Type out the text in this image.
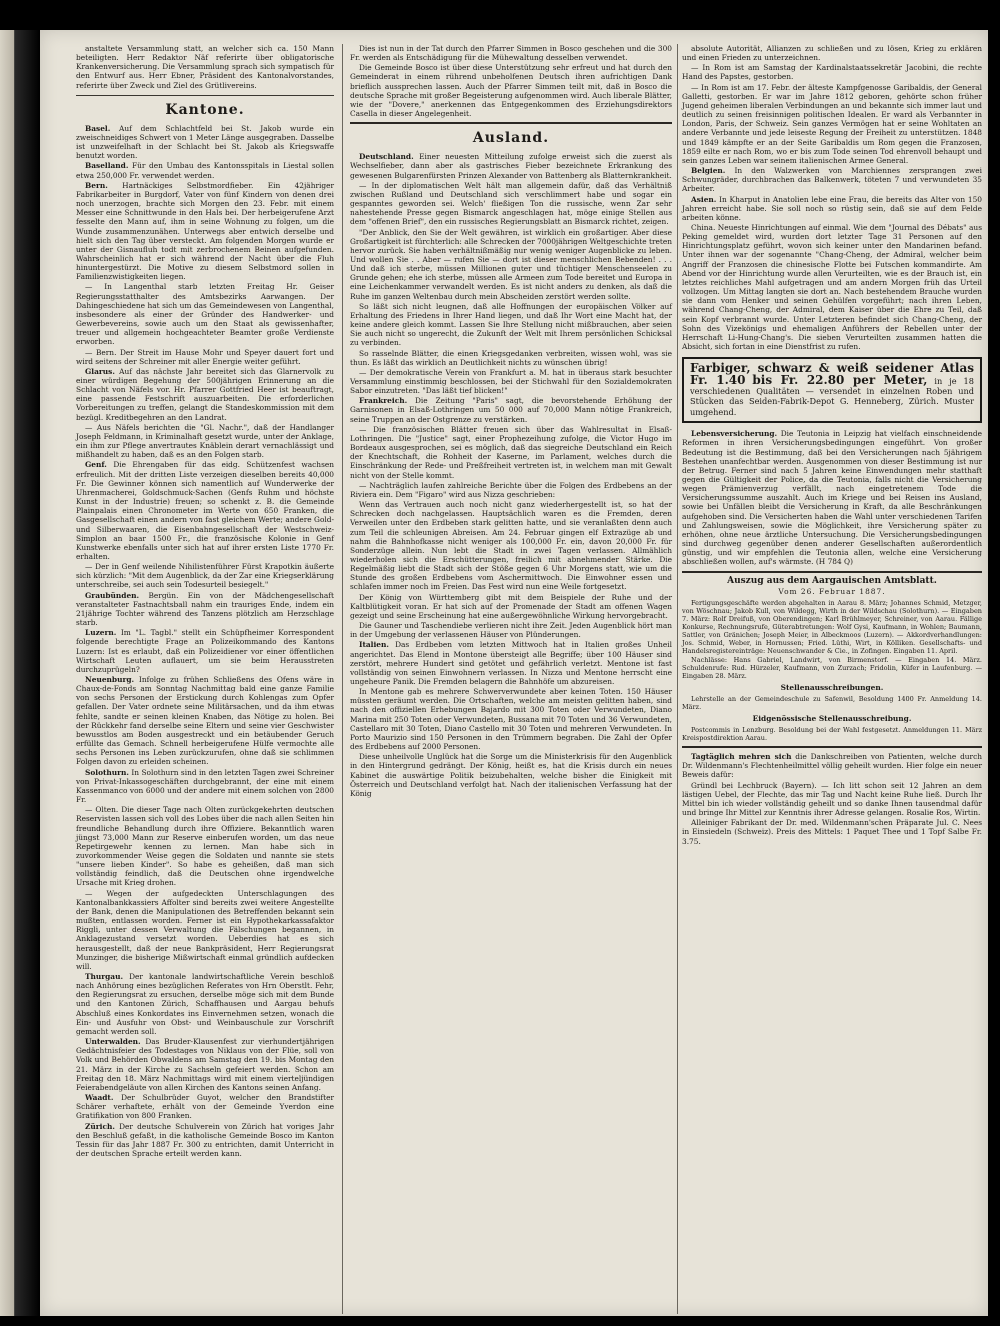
anstaltete Versammlung statt, an welcher sich ca. 150 Mann beteiligten. Herr Redaktor Näf referirte über obligatorische Krankenversicherung. Die Versammlung sprach sich sympatisch für den Entwurf aus. Herr Ebner, Präsident des Kantonalvorstandes, referirte über Zweck und Ziel des Grütlivereins.

Kantone.

Basel. Auf dem Schlachtfeld bei St. Jakob wurde ein zweischneidiges Schwert von 1 Meter Länge ausgegraben. Dasselbe ist unzweifelhaft in der Schlacht bei St. Jakob als Kriegswaffe benutzt worden.

Baselland. Für den Umbau des Kantonsspitals in Liestal sollen etwa 250,000 Fr. verwendet werden.

Bern. Hartnäckiges Selbstmordfieber. Ein 42jähriger Fabrikarbeiter in Burgdorf, Vater von fünf Kindern von denen drei noch unerzogen, brachte sich Morgen den 23. Febr. mit einem Messer eine Schnittwunde in den Hals bei. Der herbeigerufene Arzt fesselte den Mann auf, ihm in seine Wohnung zu folgen, um die Wunde zusammenzunähen. Unterwegs aber entwich derselbe und hielt sich den Tag über versteckt. Am folgenden Morgen wurde er unter der Gisnaufluh todt mit zerbrochenem Beinen aufgefunden. Wahrscheinlich hat er sich während der Nacht über die Fluh hinuntergestürzt. Die Motive zu diesem Selbstmord sollen in Familienzwistigkeiten liegen.

— In Langenthal starb letzten Freitag Hr. Geiser Regierungsstatthalter des Amtsbezirks Aarwangen. Der Dahingeschiedene hat sich um das Gemeindewesen von Langenthal, insbesondere als einer der Gründer des Handwerker- und Gewerbevereins, sowie auch um den Staat als gewissenhafter, treuer und allgemein hochgeachteter Beamter große Verdienste erworben.

— Bern. Der Streit im Hause Mohr und Speyer dauert fort und wird seitens der Schreiner mit aller Energie weiter geführt.

Glarus. Auf das nächste Jahr bereitet sich das Glarnervolk zu einer würdigen Begehung der 500jährigen Erinnerung an die Schlacht von Näfels vor. Hr. Pfarrer Gottfried Heer ist beauftragt, eine passende Festschrift auszuarbeiten. Die erforderlichen Vorbereitungen zu treffen, gelangt die Standeskommission mit dem bezügl. Kreditbegehren an den Landrat.

— Aus Näfels berichten die "Gl. Nachr.", daß der Handlanger Joseph Feldmann, in Kriminalhaft gesetzt wurde, unter der Anklage, ein ihm zur Pflege anvertrautes Knäblein derart vernachlässigt und mißhandelt zu haben, daß es an den Folgen starb.

Genf. Die Ehrengaben für das eidg. Schützenfest wachsen erfreulich. Mit der dritten Liste verzeigen dieselben bereits 40,000 Fr. Die Gewinner können sich namentlich auf Wunderwerke der Uhrenmacherei, Goldschmuck-Sachen (Genfs Ruhm und höchste Kunst in der Industrie) freuen; so schenkt z. B. die Gemeinde Plainpalais einen Chronometer im Werte von 650 Franken, die Gasgesellschaft einen andern von fast gleichem Werte; andere Gold- und Silberwaaren, die Eisenbahngesellschaft der Westschweiz-Simplon an baar 1500 Fr., die französische Kolonie in Genf Kunstwerke ebenfalls unter sich hat auf ihrer ersten Liste 1770 Fr. erhalten.

— Der in Genf weilende Nihilistenführer Fürst Krapotkin äußerte sich kürzlich: "Mit dem Augenblick, da der Zar eine Kriegserklärung unterschreibe, sei auch sein Todesurteil besiegelt."

Graubünden. Bergün. Ein von der Mädchengesellschaft veranstalteter Fastnachtsball nahm ein trauriges Ende, indem ein 21jährige Tochter während des Tanzens plötzlich am Herzschlage starb.

Luzern. Im "L. Tagbl." stellt ein Schüpfheimer Korrespondent folgende berechtigte Frage an Polizeikommando des Kantons Luzern: Ist es erlaubt, daß ein Polizeidiener vor einer öffentlichen Wirtschaft Leuten auflauert, um sie beim Herausstreten durchzuprügeln?

Neuenburg. Infolge zu frühen Schließens des Ofens wäre in Chaux-de-Fonds am Sonntag Nachmittag bald eine ganze Familie von sechs Personen der Erstickung durch Kohlengas zum Opfer gefallen. Der Vater ordnete seine Militärsachen, und da ihm etwas fehlte, sandte er seinen kleinen Knaben, das Nötige zu holen. Bei der Rückkehr fand derselbe seine Eltern und seine vier Geschwister bewusstlos am Boden ausgestreckt und ein betäubender Geruch erfüllte das Gemach. Schnell herbeigerufene Hülfe vermochte alle sechs Personen ins Leben zurückzurufen, ohne daß sie schlimmen Folgen davon zu erleiden scheinen.

Solothurn. In Solothurn sind in den letzten Tagen zwei Schreiner von Privat-Inkassogeschäften durchgebrannt, der eine mit einem Kassenmanco von 6000 und der andere mit einem solchen von 2800 Fr.

— Olten. Die dieser Tage nach Olten zurückgekehrten deutschen Reservisten lassen sich voll des Lobes über die nach allen Seiten hin freundliche Behandlung durch ihre Offiziere. Bekanntlich waren jüngst 73,000 Mann zur Reserve einberufen worden, um das neue Repetirgewehr kennen zu lernen. Man habe sich in zuvorkommender Weise gegen die Soldaten und nannte sie stets "unsere lieben Kinder". So habe es geheißen, daß man sich vollständig feindlich, daß die Deutschen ohne irgendwelche Ursache mit Krieg drohen.

— Wegen der aufgedeckten Unterschlagungen des Kantonalbankkassiers Affolter sind bereits zwei weitere Angestellte der Bank, denen die Manipulationen des Betreffenden bekannt sein mußten, entlassen worden. Ferner ist ein Hypothekarkassafaktor Riggli, unter dessen Verwaltung die Fälschungen begannen, in Anklagezustand versetzt worden. Ueberdies hat es sich herausgestellt, daß der neue Bankpräsident, Herr Regierungsrat Munzinger, die bisherige Mißwirtschaft einmal gründlich aufdecken will.

Thurgau. Der kantonale landwirtschaftliche Verein beschloß nach Anhörung eines bezüglichen Referates von Hrn Oberstlt. Fehr, den Regierungsrat zu ersuchen, derselbe möge sich mit dem Bunde und den Kantonen Zürich, Schaffhausen und Aargau behufs Abschluß eines Konkordates ins Einvernehmen setzen, wonach die Ein- und Ausfuhr von Obst- und Weinbauschule zur Vorschrift gemacht werden soll.

Unterwalden. Das Bruder-Klausenfest zur vierhundertjährigen Gedächtnisfeier des Todestages von Niklaus von der Flüe, soll von Volk und Behörden Obwaldens am Samstag den 19. bis Montag den 21. März in der Kirche zu Sachseln gefeiert werden. Schon am Freitag den 18. März Nachmittags wird mit einem vierteljündigen Feierabendgeläute von allen Kirchen des Kantons seinen Anfang.

Waadt. Der Schulbrüder Guyot, welcher den Brandstifter Schärer verhaftete, erhält von der Gemeinde Yverdon eine Gratifikation von 800 Franken.

Zürich. Der deutsche Schulverein von Zürich hat voriges Jahr den Beschluß gefaßt, in die katholische Gemeinde Bosco im Kanton Tessin für das Jahr 1887 Fr. 300 zu entrichten, damit Unterricht in der deutschen Sprache erteilt werden kann.

Dies ist nun in der Tat durch den Pfarrer Simmen in Bosco geschehen und die 300 Fr. werden als Entschädigung für die Mühewaltung desselben verwendet.

Die Gemeinde Bosco ist über diese Unterstützung sehr erfreut und hat durch den Gemeinderat in einem rührend unbeholfenen Deutsch ihren aufrichtigen Dank brieflich aussprechen lassen. Auch der Pfarrer Simmen teilt mit, daß in Bosco die deutsche Sprache mit großer Begeisterung aufgenommen wird. Auch liberale Blätter, wie der "Dovere," anerkennen das Entgegenkommen des Erziehungsdirektors Casella in dieser Angelegenheit.

Ausland.

Deutschland. Einer neuesten Mitteilung zufolge erweist sich die zuerst als Wechselfieber, dann aber als gastrisches Fieber bezeichnete Erkrankung des gewesenen Bulgarenfürsten Prinzen Alexander von Battenberg als Blatternkrankheit.

— In der diplomatischen Welt hält man allgemein dafür, daß das Verhältniß zwischen Rußland und Deutschland sich verschlimmert habe und sogar ein gespanntes geworden sei. Welch' fließigen Ton die russische, wenn Zar sehr nahestehende Presse gegen Bismarck angeschlagen hat, möge einige Stellen aus dem "offenen Brief", den ein russisches Regierungsblatt an Bismarck richtet, zeigen.

"Der Anblick, den Sie der Welt gewähren, ist wirklich ein großartiger. Aber diese Großartigkeit ist fürchterlich: alle Schrecken der 7000jährigen Weltgeschichte treten hervor zurück. Sie haben verhältnißmäßig nur wenig weniger Augenblicke zu leben. Und wollen Sie . . Aber — rufen Sie — dort ist dieser menschlichen Bebenden! . . . Und daß ich sterbe, müssen Millionen guter und tüchtiger Menschenseelen zu Grunde gehen; ehe ich sterbe, müssen alle Armeen zum Tode bereitet und Europa in eine Leichenkammer verwandelt werden. Es ist nicht anders zu denken, als daß die Ruhe im ganzen Weltenbau durch mein Abscheiden zerstört werden sollte.

So läßt sich nicht leugnen, daß alle Hoffnungen der europäischen Völker auf Erhaltung des Friedens in Ihrer Hand liegen, und daß Ihr Wort eine Macht hat, der keine andere gleich kommt. Lassen Sie Ihre Stellung nicht mißbrauchen, aber seien Sie auch nicht so ungerecht, die Zukunft der Welt mit Ihrem persönlichen Schicksal zu verbinden.

So rasselnde Blätter, die einen Kriegsgedanken verbreiten, wissen wohl, was sie thun. Es läßt das wirklich an Deutlichkeit nichts zu wünschen übrig!

— Der demokratische Verein von Frankfurt a. M. hat in überaus stark besuchter Versammlung einstimmig beschlossen, bei der Stichwahl für den Sozialdemokraten Sabor einzutreten. "Das läßt tief blicken!"

Frankreich. Die Zeitung "Paris" sagt, die bevorstehende Erhöhung der Garnisonen in Elsaß-Lothringen um 50 000 auf 70,000 Mann nötige Frankreich, seine Truppen an der Ostgrenze zu verstärken.

— Die französischen Blätter freuen sich über das Wahlresultat in Elsaß-Lothringen. Die "Justice" sagt, einer Prophezeihung zufolge, die Victor Hugo im Bordeaux ausgesprochen, sei es möglich, daß das siegreiche Deutschland ein Reich der Knechtschaft, die Rohheit der Kaserne, im Parlament, welches durch die Einschränkung der Rede- und Preßfreiheit vertreten ist, in welchem man mit Gewalt nicht von der Stelle kommt.

— Nachträglich laufen zahlreiche Berichte über die Folgen des Erdbebens an der Riviera ein. Dem "Figaro" wird aus Nizza geschrieben:

Wenn das Vertrauen auch noch nicht ganz wiederhergestellt ist, so hat der Schrecken doch nachgelassen. Hauptsächlich waren es die Fremden, deren Verweilen unter den Erdbeben stark gelitten hatte, und sie veranlaßten denn auch zum Teil die schleunigen Abreisen. Am 24. Februar gingen elf Extrazüge ab und nahm die Bahnhofkasse nicht weniger als 100,000 Fr. ein, davon 20,000 Fr. für Sonderzüge allein. Nun lebt die Stadt in zwei Tagen verlassen. Allmählich wiederholen sich die Erschütterungen, freilich mit abnehmender Stärke. Die Regelmäßig liebt die Stadt sich der Stöße gegen 6 Uhr Morgens statt, wie um die Stunde des großen Erdbebens vom Aschermittwoch. Die Einwohner essen und schlafen immer noch im Freien. Das Fest wird nun eine Weile fortgesetzt.

Der König von Württemberg gibt mit dem Beispiele der Ruhe und der Kaltblütigkeit voran. Er hat sich auf der Promenade der Stadt am offenen Wagen gezeigt und seine Erscheinung hat eine außergewöhnliche Wirkung hervorgebracht.

Die Gauner und Taschendiebe verlieren nicht ihre Zeit. Jeden Augenblick hört man in der Umgebung der verlassenen Häuser von Plünderungen.

Italien. Das Erdbeben vom letzten Mittwoch hat in Italien großes Unheil angerichtet. Das Elend in Montone übersteigt alle Begriffe; über 100 Häuser sind zerstört, mehrere Hundert sind getötet und gefährlich verletzt. Mentone ist fast vollständig von seinen Einwohnern verlassen. In Nizza und Mentone herrscht eine ungeheure Panik. Die Fremden belagern die Bahnhöfe um abzureisen.

In Mentone gab es mehrere Schwerverwundete aber keinen Toten. 150 Häuser müssten geräumt werden. Die Ortschaften, welche am meisten gelitten haben, sind nach den offiziellen Erhebungen Bajardo mit 300 Toten oder Verwundeten, Diano Marina mit 250 Toten oder Verwundeten, Bussana mit 70 Toten und 36 Verwundeten, Castellaro mit 30 Toten, Diano Castello mit 30 Toten und mehreren Verwundeten. In Porto Maurizio sind 150 Personen in den Trümmern begraben. Die Zahl der Opfer des Erdbebens auf 2000 Personen.

Diese unheilvolle Unglück hat die Sorge um die Ministerkrisis für den Augenblick in den Hintergrund gedrängt. Der König, heißt es, hat die Krisis durch ein neues Kabinet die auswärtige Politik beizubehalten, welche bisher die Einigkeit mit Österreich und Deutschland verfolgt hat. Nach der italienischen Verfassung hat der König

absolute Autorität, Allianzen zu schließen und zu lösen, Krieg zu erklären und einen Frieden zu unterzeichnen.

— In Rom ist am Samstag der Kardinalstaatssekretär Jacobini, die rechte Hand des Papstes, gestorben.

— In Rom ist am 17. Febr. der älteste Kampfgenosse Garibaldis, der General Galletti, gestorben. Er war im Jahre 1812 geboren, gehörte schon früher Jugend geheimen liberalen Verbindungen an und bekannte sich immer laut und deutlich zu seinen freisinnigen politischen Idealen. Er ward als Verbannter in London, Paris, der Schweiz. Sein ganzes Vermögen hat er seine Wohltaten an andere Verbannte und jede leiseste Regung der Freiheit zu unterstützen. 1848 und 1849 kämpfte er an der Seite Garibaldis um Rom gegen die Franzosen, 1859 eilte er nach Rom, wo er bis zum Tode seinen Tod ehrenvoll behaupt und sein ganzes Leben war seinem italienischen Armee General.

Belgien. In den Walzwerken von Marchiennes zersprangen zwei Schwungräder, durchbrachen das Balkenwerk, töteten 7 und verwundeten 35 Arbeiter.

Asien. In Kharput in Anatolien lebe eine Frau, die bereits das Alter von 150 Jahren erreicht habe. Sie soll noch so rüstig sein, daß sie auf dem Felde arbeiten könne.

China. Neueste Hinrichtungen auf einmal. Wie dem "Journal des Débats" aus Peking gemeldet wird, wurden dort letzter Tage 31 Personen auf den Hinrichtungsplatz geführt, wovon sich keiner unter den Mandarinen befand. Unter ihnen war der sogenannte "Chang-Cheng, der Admiral, welcher beim Angriff der Franzosen die chinesische Flotte bei Futschen kommandirte. Am Abend vor der Hinrichtung wurde allen Verurteilten, wie es der Brauch ist, ein letztes reichliches Mahl aufgetragen und am andern Morgen früh das Urteil vollzogen. Um Mittag langten sie dort an. Nach bestehendem Brauche wurden sie dann vom Henker und seinen Gehülfen vorgeführt; nach ihren Leben, während Chang-Cheng, der Admiral, dem Kaiser über die Ehre zu Teil, daß sein Kopf verbrannt wurde. Unter Letzteren befindet sich Chang-Cheng, der Sohn des Vizekönigs und ehemaligen Anführers der Rebellen unter der Herrschaft Li-Hung-Chang's. Die sieben Verurteilten zusammen hatten die Absicht, sich fortan in eine Dienstfrist zu rufen.

Farbiger, schwarz & weiß seidener Atlas Fr. 1.40 bis Fr. 22.80 per Meter, in je 18 verschiedenen Qualitäten — versendet in einzelnen Roben und Stücken das Seiden-Fabrik-Depot G. Henneberg, Zürich. Muster umgehend.

Lebensversicherung. Die Teutonia in Leipzig hat vielfach einschneidende Reformen in ihren Versicherungsbedingungen eingeführt. Von großer Bedeutung ist die Bestimmung, daß bei den Versicherungen nach 5jährigem Bestehen unanfechtbar werden. Ausgenommen von dieser Bestimmung ist nur der Betrug. Ferner sind nach 5 Jahren keine Einwendungen mehr statthaft gegen die Gültigkeit der Police, da die Teutonia, falls nicht die Versicherung wegen Prämienverzug verfällt, nach eingetretenem Tode die Versicherungssumme auszahlt. Auch im Kriege und bei Reisen ins Ausland, sowie bei Unfällen bleibt die Versicherung in Kraft, da alle Beschränkungen aufgehoben sind. Die Versicherten haben die Wahl unter verschiedenen Tarifen und Zahlungsweisen, sowie die Möglichkeit, ihre Versicherung später zu erhöhen, ohne neue ärztliche Untersuchung. Die Versicherungsbedingungen sind durchweg gegenüber denen anderer Gesellschaften außerordentlich günstig, und wir empfehlen die Teutonia allen, welche eine Versicherung abschließen wollen, auf's wärmste. (H 784 Q)

Auszug aus dem Aargauischen Amtsblatt.
Vom 26. Februar 1887.

Fertigungsgeschäfte werden abgehalten in Aarau 8. März; Johannes Schmid, Metzger, von Wöschnau; Jakob Kull, von Wildegg, Wirth in der Wildschau (Solothurn). — Eingaben 7. März: Rolf Dreifuß, von Oberendingen; Karl Brühlmeyer, Schreiner, von Aarau. Fällige Konkurse, Rechnungsrufe, Güterabtretungen: Wolf Gysi, Kaufmann, in Wohlen; Baumann, Sattler, von Gränichen; Joseph Meier, in Albeckmoos (Luzern). — Akkordverhandlungen: Jos. Schmid, Weber, in Hornussen; Fried. Lüthi, Wirt, in Kölliken. Gesellschafts- und Handelsregistereinträge: Neuenschwander & Cie., in Zofingen. Eingaben 11. April.

Nachlässe: Hans Gabriel, Landwirt, von Birmenstorf. — Eingaben 14. März. Schuldenrufe: Rud. Hürzeler, Kaufmann, von Zurzach; Fridolin, Küfer in Laufenburg. — Eingaben 28. März.

Stellenausschreibungen.

Lehrstelle an der Gemeindeschule zu Safenwil, Besoldung 1400 Fr. Anmeldung 14. März.

Eidgenössische Stellenausschreibung.

Postcommis in Lenzburg. Besoldung bei der Wahl festgesetzt. Anmeldungen 11. März Kreispostdirektion Aarau.

Tagtäglich mehren sich die Dankschreiben von Patienten, welche durch Dr. Wildenmann's Flechtenheilmittel völlig geheilt wurden. Hier folge ein neuer Beweis dafür:

Gründl bei Lechbruck (Bayern). — Ich litt schon seit 12 Jahren an dem lästigen Uebel, der Flechte, das mir Tag und Nacht keine Ruhe ließ. Durch Ihr Mittel bin ich wieder vollständig geheilt und so danke Ihnen tausendmal dafür und bringe Ihr Mittel zur Kenntnis ihrer Adresse gelangen. Rosalie Ros, Wirtin.

Alleiniger Fabrikant der Dr. med. Wildenmann'schen Präparate Jul. C. Nees in Einsiedeln (Schweiz). Preis des Mittels: 1 Paquet Thee und 1 Topf Salbe Fr. 3.75.
